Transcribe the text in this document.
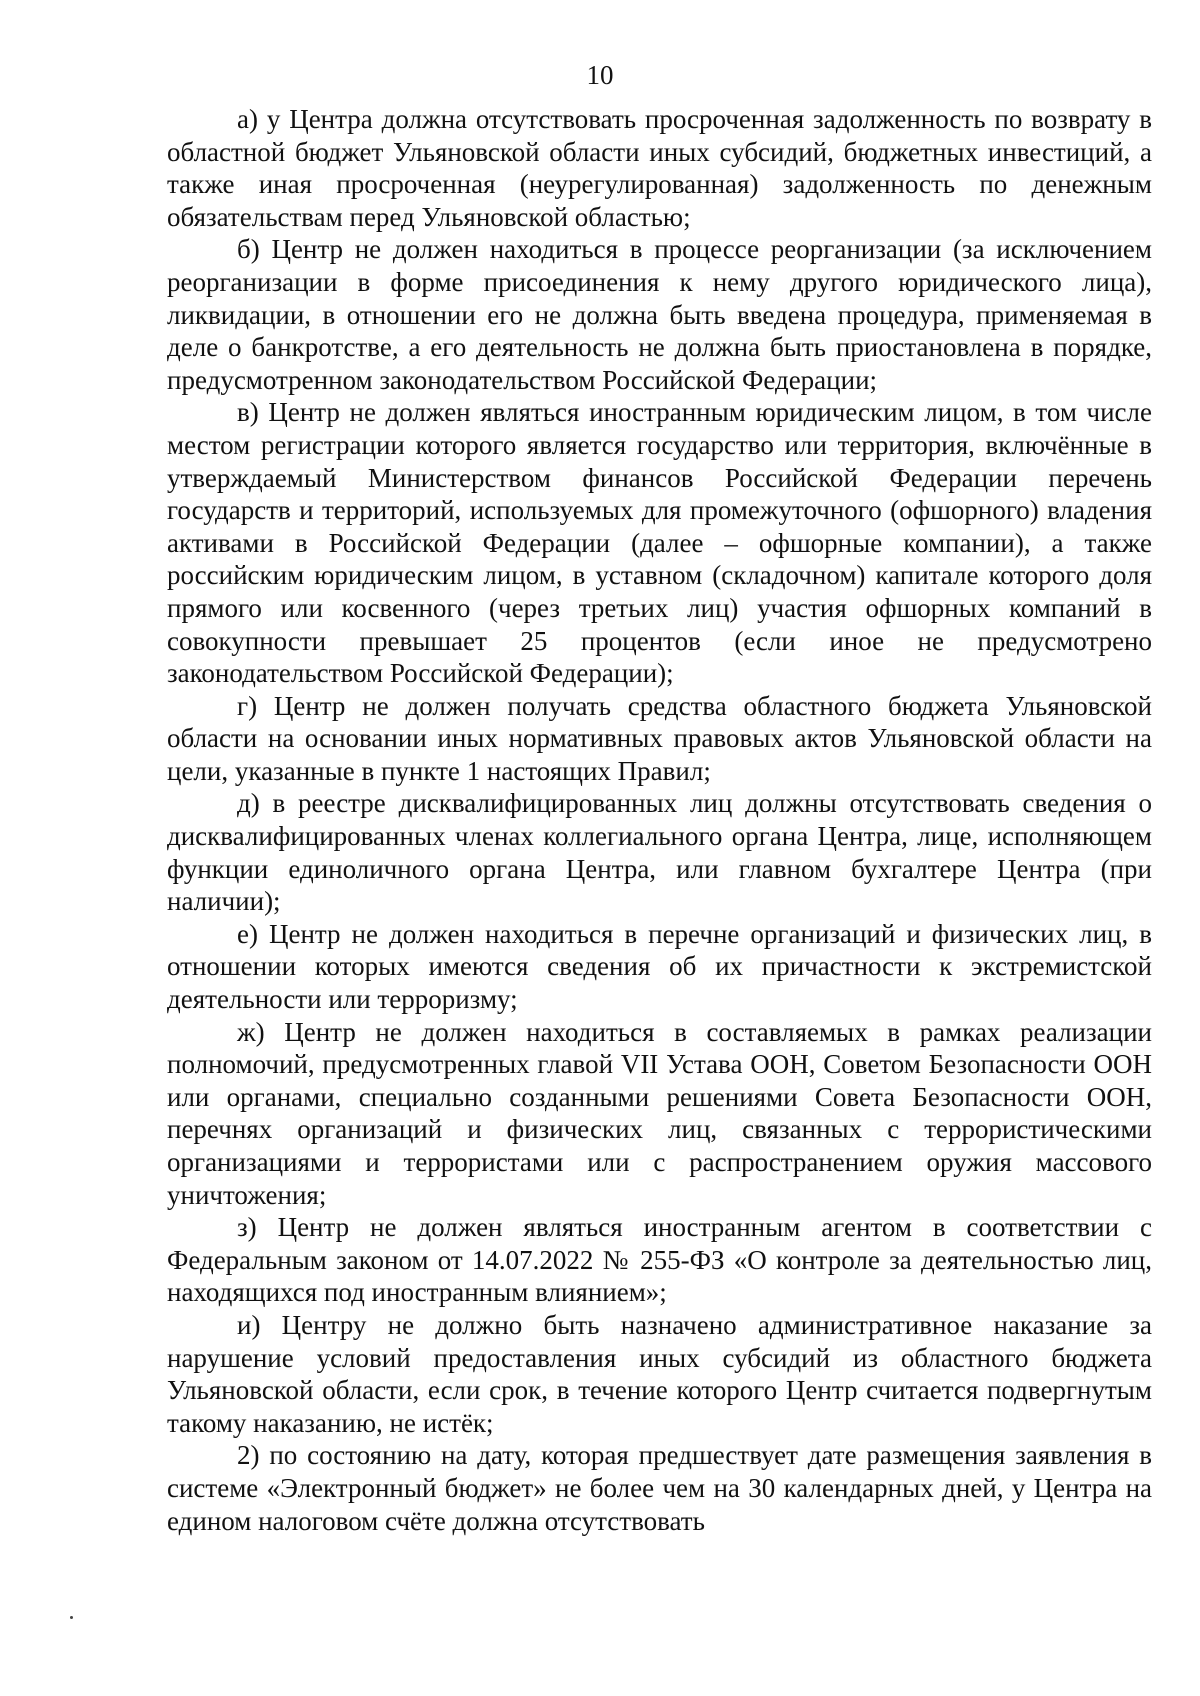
10

а) у Центра должна отсутствовать просроченная задолженность по возврату в областной бюджет Ульяновской области иных субсидий, бюджетных инвестиций, а также иная просроченная (неурегулированная) задолженность по денежным обязательствам перед Ульяновской областью;

б) Центр не должен находиться в процессе реорганизации (за исключением реорганизации в форме присоединения к нему другого юридического лица), ликвидации, в отношении его не должна быть введена процедура, применяемая в деле о банкротстве, а его деятельность не должна быть приостановлена в порядке, предусмотренном законодательством Российской Федерации;

в) Центр не должен являться иностранным юридическим лицом, в том числе местом регистрации которого является государство или территория, включённые в утверждаемый Министерством финансов Российской Федерации перечень государств и территорий, используемых для промежуточного (офшорного) владения активами в Российской Федерации (далее – офшорные компании), а также российским юридическим лицом, в уставном (складочном) капитале которого доля прямого или косвенного (через третьих лиц) участия офшорных компаний в совокупности превышает 25 процентов (если иное не предусмотрено законодательством Российской Федерации);

г) Центр не должен получать средства областного бюджета Ульяновской области на основании иных нормативных правовых актов Ульяновской области на цели, указанные в пункте 1 настоящих Правил;

д) в реестре дисквалифицированных лиц должны отсутствовать сведения о дисквалифицированных членах коллегиального органа Центра, лице, исполняющем функции единоличного органа Центра, или главном бухгалтере Центра (при наличии);

е) Центр не должен находиться в перечне организаций и физических лиц, в отношении которых имеются сведения об их причастности к экстремистской деятельности или терроризму;

ж) Центр не должен находиться в составляемых в рамках реализации полномочий, предусмотренных главой VII Устава ООН, Советом Безопасности ООН или органами, специально созданными решениями Совета Безопасности ООН, перечнях организаций и физических лиц, связанных с террористическими организациями и террористами или с распространением оружия массового уничтожения;

з) Центр не должен являться иностранным агентом в соответствии с Федеральным законом от 14.07.2022 № 255-ФЗ «О контроле за деятельностью лиц, находящихся под иностранным влиянием»;

и) Центру не должно быть назначено административное наказание за нарушение условий предоставления иных субсидий из областного бюджета Ульяновской области, если срок, в течение которого Центр считается подвергнутым такому наказанию, не истёк;

2) по состоянию на дату, которая предшествует дате размещения заявления в системе «Электронный бюджет» не более чем на 30 календарных дней, у Центра на едином налоговом счёте должна отсутствовать
